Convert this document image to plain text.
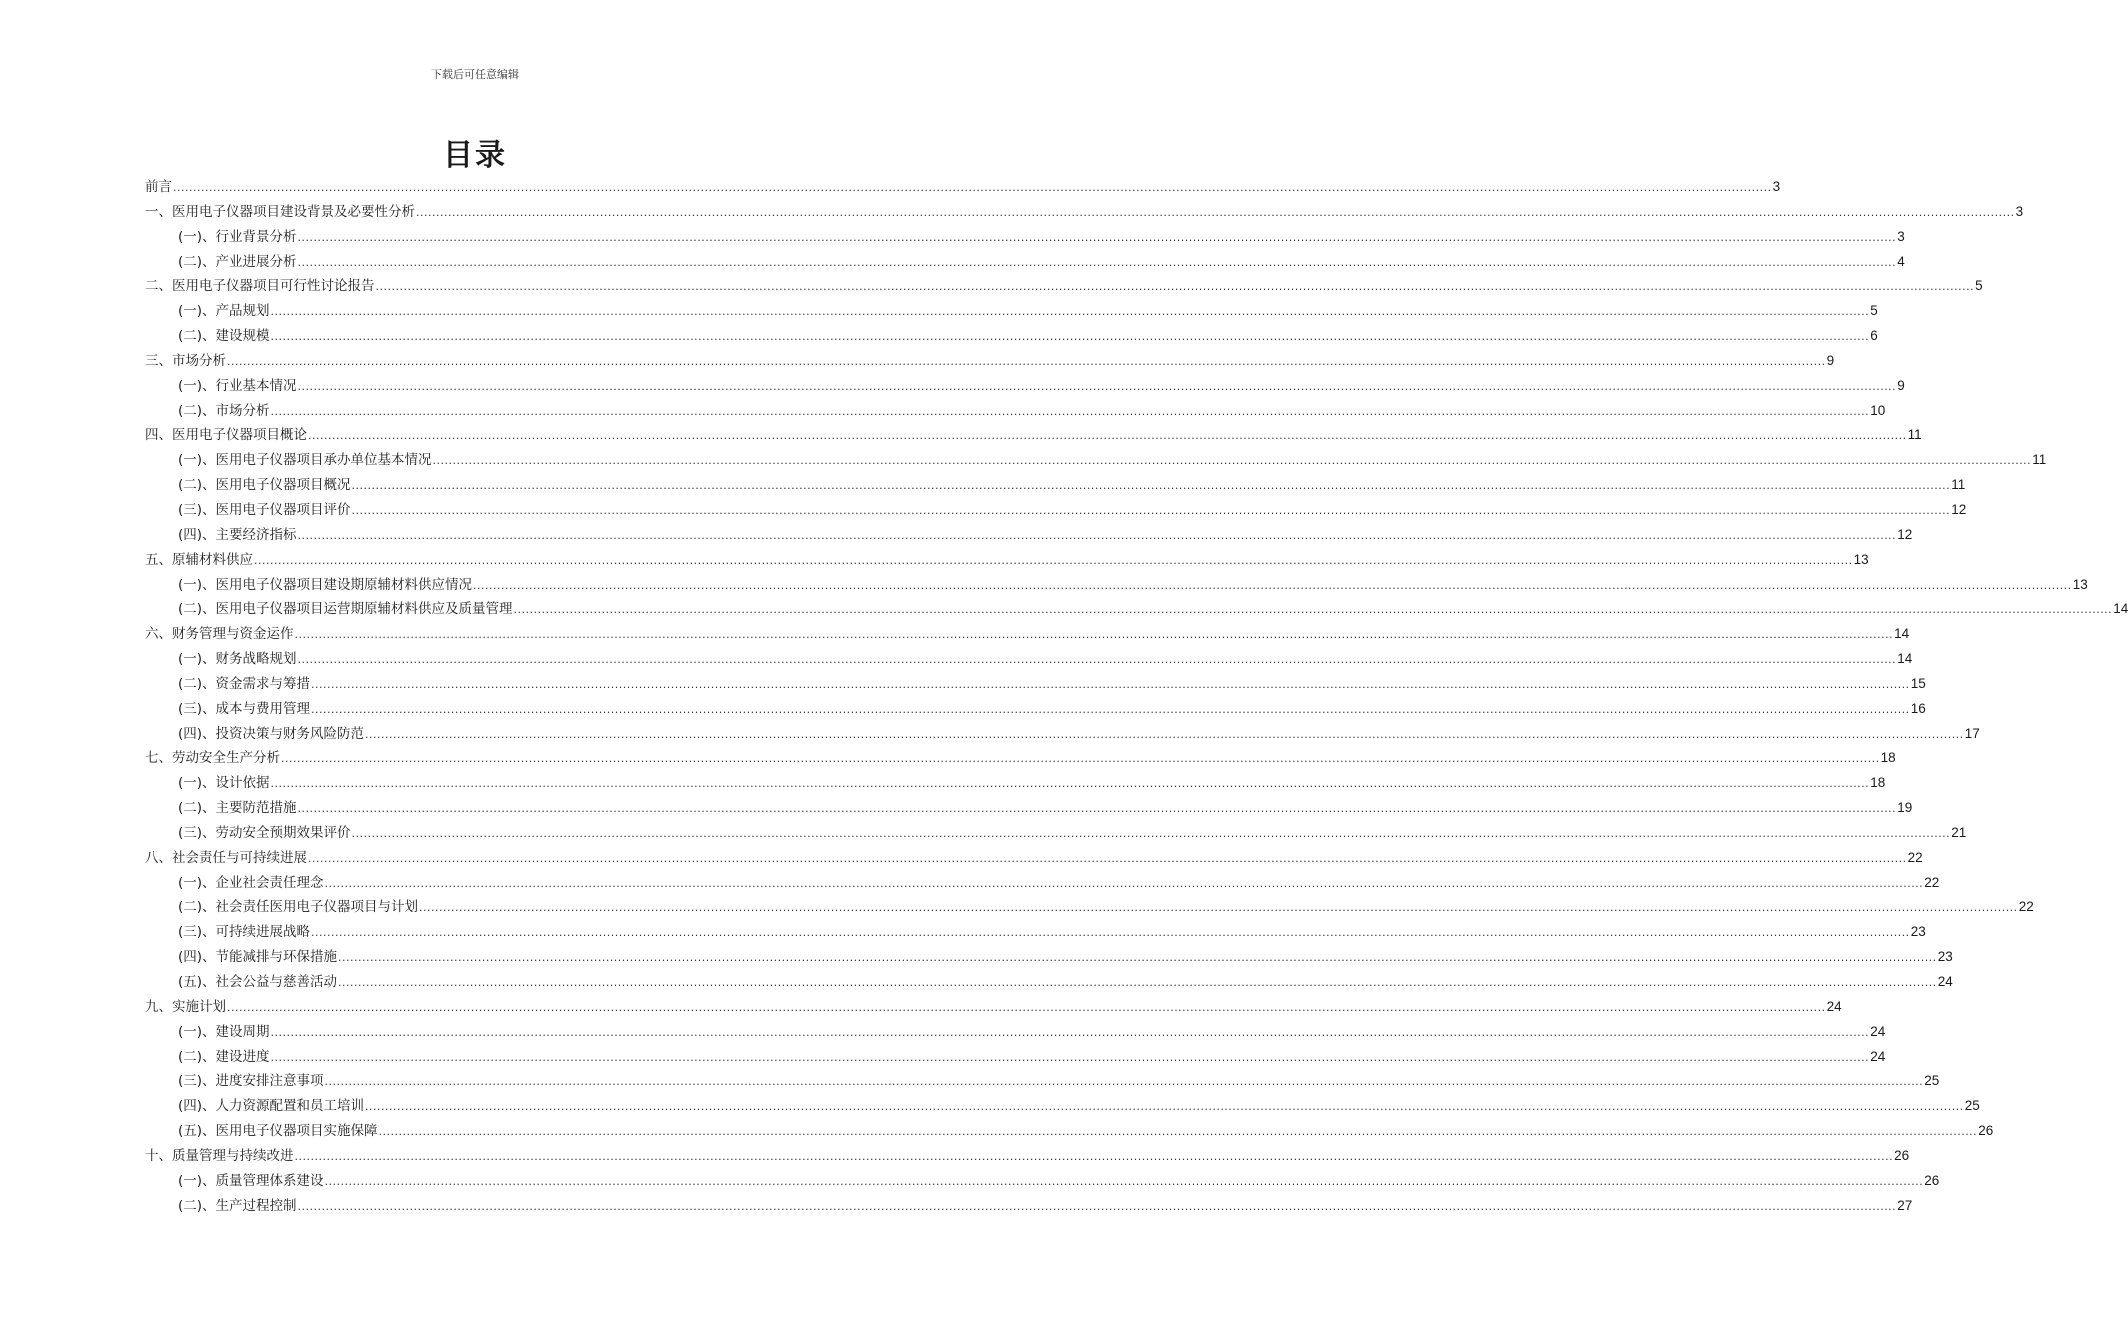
下载后可任意编辑
目录
前言 ................................................................................................................................................................................................................................................................................................................................................................................................................ 3
一、医用电子仪器项目建设背景及必要性分析 ................................................................................................................................................................................................................................................................................................................................................................................................................ 3
(一)、行业背景分析 ................................................................................................................................................................................................................................................................................................................................................................................................................ 3
(二)、产业进展分析 ................................................................................................................................................................................................................................................................................................................................................................................................................ 4
二、医用电子仪器项目可行性讨论报告 ................................................................................................................................................................................................................................................................................................................................................................................................................ 5
(一)、产品规划 ................................................................................................................................................................................................................................................................................................................................................................................................................ 5
(二)、建设规模 ................................................................................................................................................................................................................................................................................................................................................................................................................ 6
三、市场分析 ................................................................................................................................................................................................................................................................................................................................................................................................................ 9
(一)、行业基本情况 ................................................................................................................................................................................................................................................................................................................................................................................................................ 9
(二)、市场分析 ................................................................................................................................................................................................................................................................................................................................................................................................................ 10
四、医用电子仪器项目概论 ................................................................................................................................................................................................................................................................................................................................................................................................................ 11
(一)、医用电子仪器项目承办单位基本情况 ................................................................................................................................................................................................................................................................................................................................................................................................................ 11
(二)、医用电子仪器项目概况 ................................................................................................................................................................................................................................................................................................................................................................................................................ 11
(三)、医用电子仪器项目评价 ................................................................................................................................................................................................................................................................................................................................................................................................................ 12
(四)、主要经济指标 ................................................................................................................................................................................................................................................................................................................................................................................................................ 12
五、原辅材料供应 ................................................................................................................................................................................................................................................................................................................................................................................................................ 13
(一)、医用电子仪器项目建设期原辅材料供应情况 ................................................................................................................................................................................................................................................................................................................................................................................................................ 13
(二)、医用电子仪器项目运营期原辅材料供应及质量管理 ................................................................................................................................................................................................................................................................................................................................................................................................................ 14
六、财务管理与资金运作 ................................................................................................................................................................................................................................................................................................................................................................................................................ 14
(一)、财务战略规划 ................................................................................................................................................................................................................................................................................................................................................................................................................ 14
(二)、资金需求与筹措 ................................................................................................................................................................................................................................................................................................................................................................................................................ 15
(三)、成本与费用管理 ................................................................................................................................................................................................................................................................................................................................................................................................................ 16
(四)、投资决策与财务风险防范 ................................................................................................................................................................................................................................................................................................................................................................................................................ 17
七、劳动安全生产分析 ................................................................................................................................................................................................................................................................................................................................................................................................................ 18
(一)、设计依据 ................................................................................................................................................................................................................................................................................................................................................................................................................ 18
(二)、主要防范措施 ................................................................................................................................................................................................................................................................................................................................................................................................................ 19
(三)、劳动安全预期效果评价 ................................................................................................................................................................................................................................................................................................................................................................................................................ 21
八、社会责任与可持续进展 ................................................................................................................................................................................................................................................................................................................................................................................................................ 22
(一)、企业社会责任理念 ................................................................................................................................................................................................................................................................................................................................................................................................................ 22
(二)、社会责任医用电子仪器项目与计划 ................................................................................................................................................................................................................................................................................................................................................................................................................ 22
(三)、可持续进展战略 ................................................................................................................................................................................................................................................................................................................................................................................................................ 23
(四)、节能减排与环保措施 ................................................................................................................................................................................................................................................................................................................................................................................................................ 23
(五)、社会公益与慈善活动 ................................................................................................................................................................................................................................................................................................................................................................................................................ 24
九、实施计划 ................................................................................................................................................................................................................................................................................................................................................................................................................ 24
(一)、建设周期 ................................................................................................................................................................................................................................................................................................................................................................................................................ 24
(二)、建设进度 ................................................................................................................................................................................................................................................................................................................................................................................................................ 24
(三)、进度安排注意事项 ................................................................................................................................................................................................................................................................................................................................................................................................................ 25
(四)、人力资源配置和员工培训 ................................................................................................................................................................................................................................................................................................................................................................................................................ 25
(五)、医用电子仪器项目实施保障 ................................................................................................................................................................................................................................................................................................................................................................................................................ 26
十、质量管理与持续改进 ................................................................................................................................................................................................................................................................................................................................................................................................................ 26
(一)、质量管理体系建设 ................................................................................................................................................................................................................................................................................................................................................................................................................ 26
(二)、生产过程控制 ................................................................................................................................................................................................................................................................................................................................................................................................................ 27
